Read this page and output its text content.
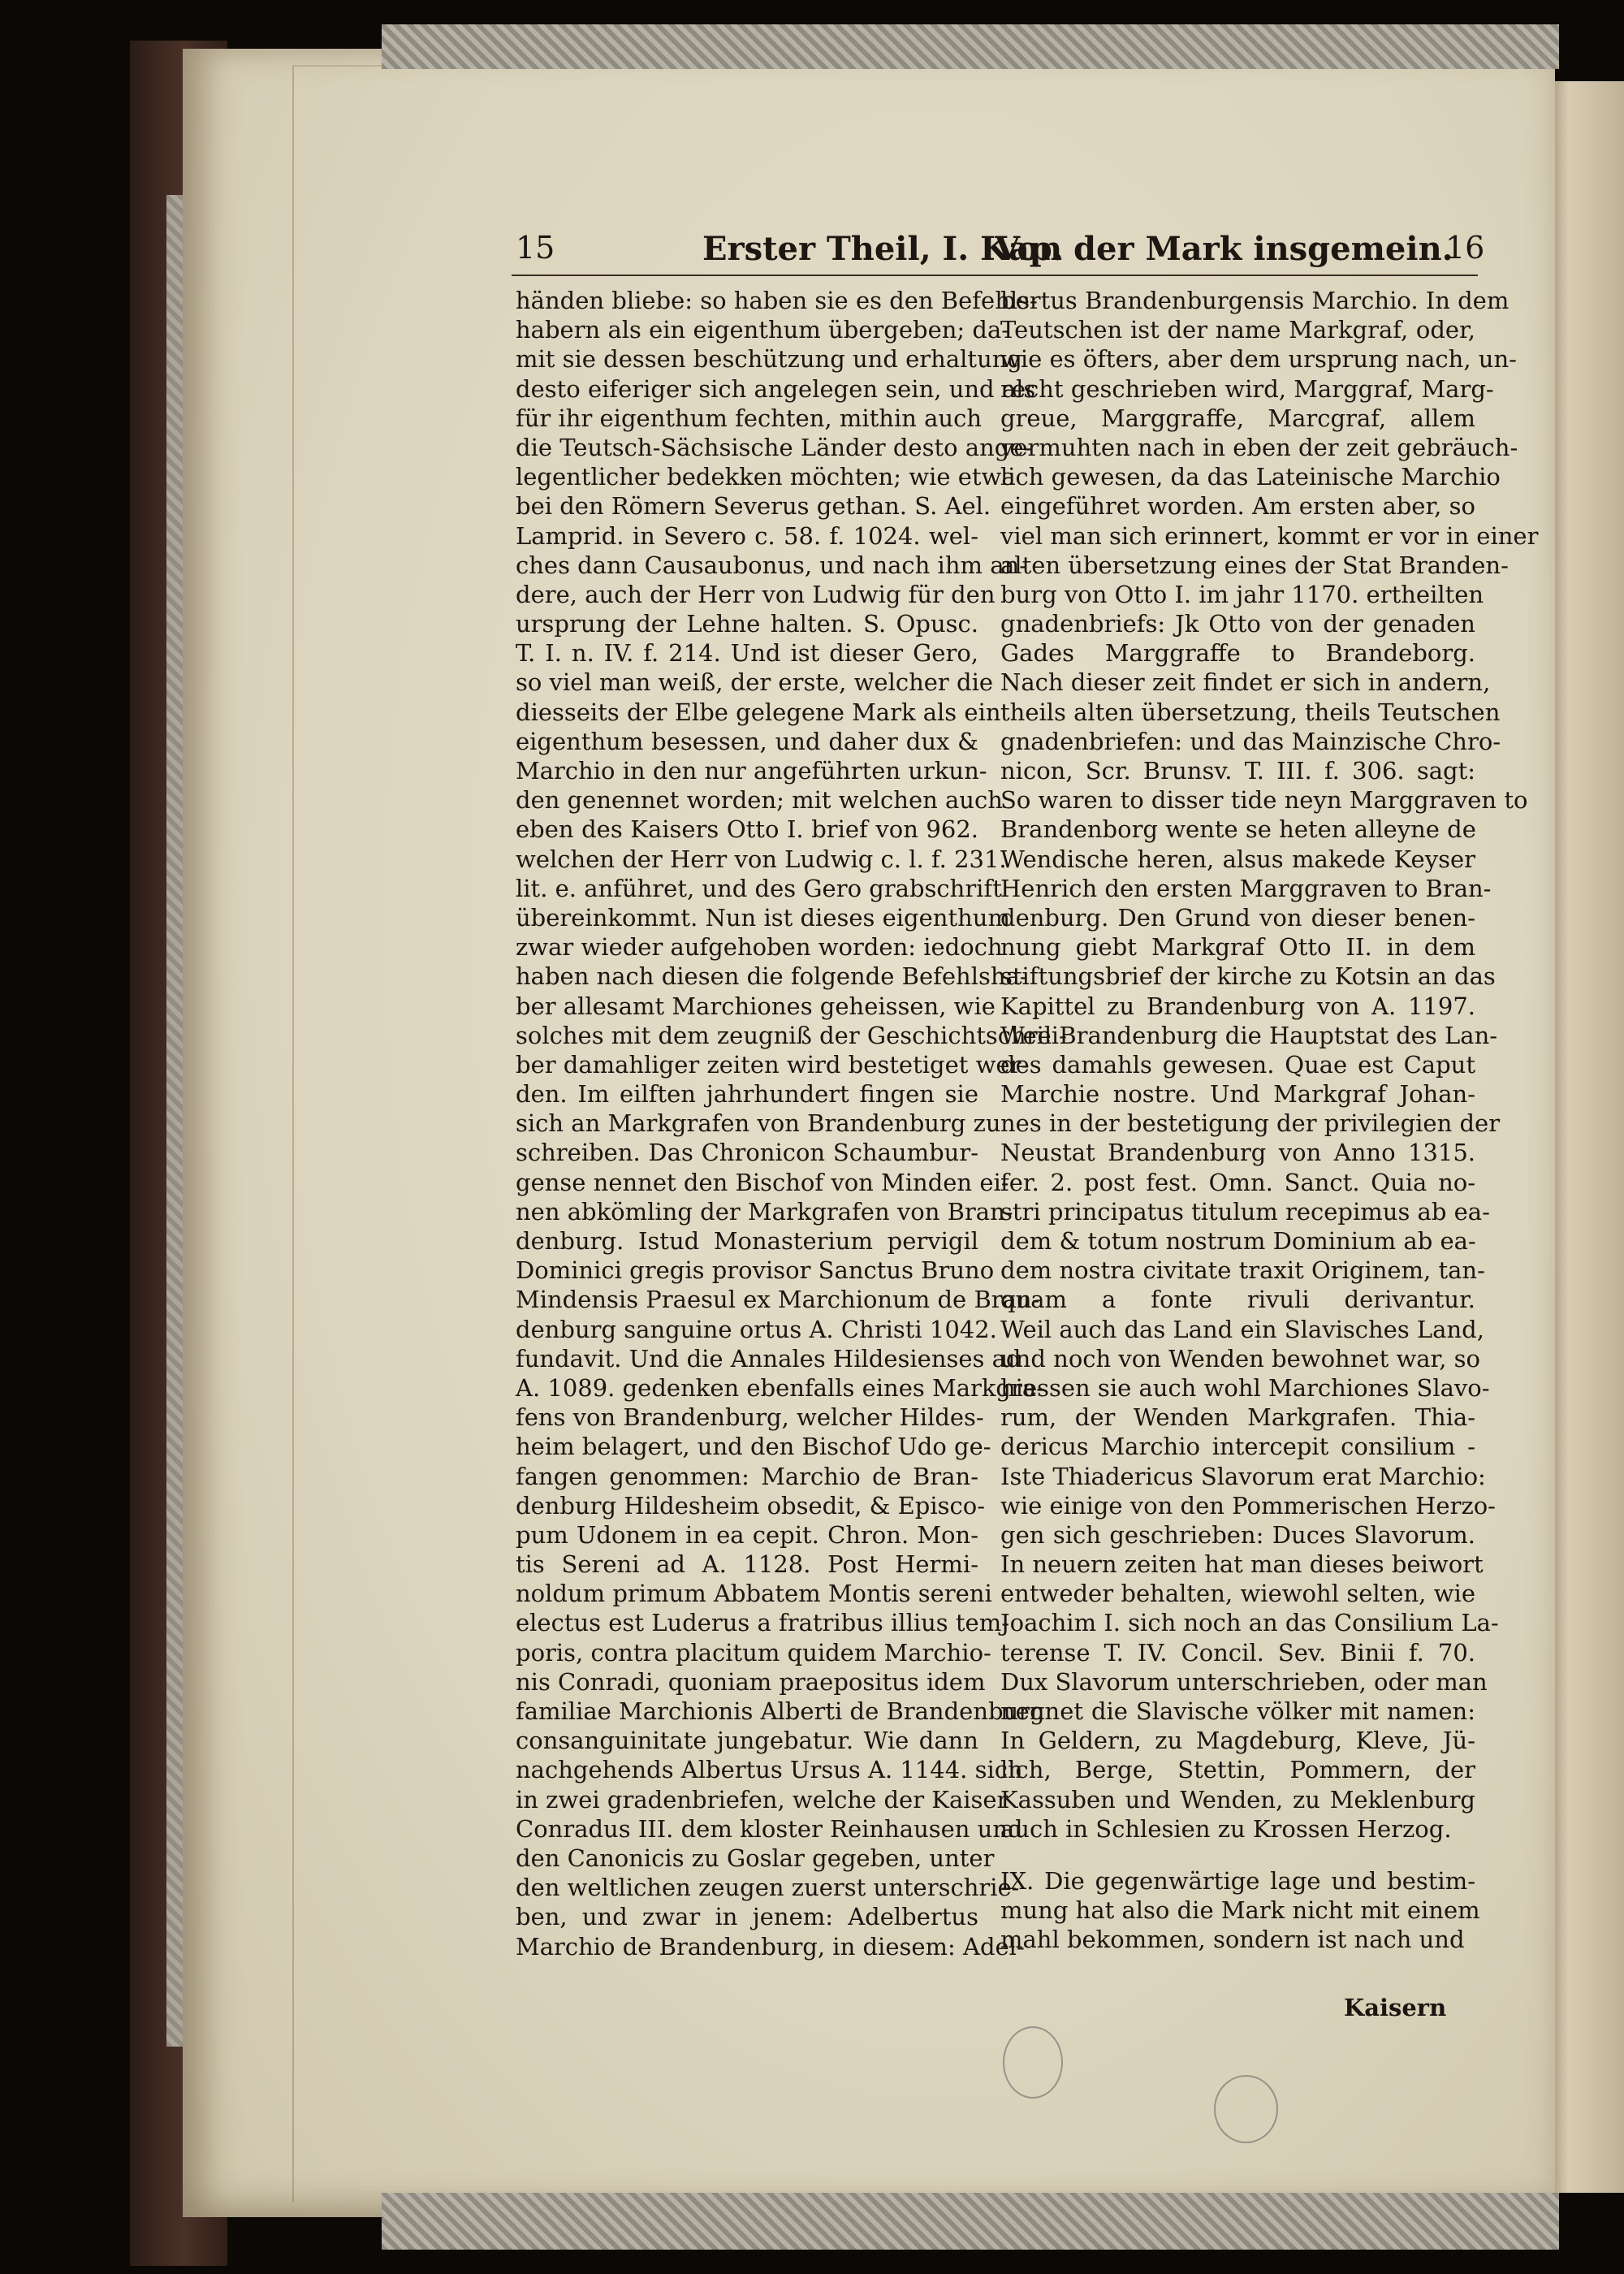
15	Erster Theil, I. Kap.
Von der Mark insgemein.
16
händen bliebe: so haben sie es den Befehls-
habern als ein eigenthum übergeben; da-
mit sie dessen beschützung und erhaltung
desto eiferiger sich angelegen sein, und als
für ihr eigenthum fechten, mithin auch
die Teutsch-Sächsische Länder desto ange-
legentlicher bedekken möchten; wie etwa
bei den Römern Severus gethan. S. Ael.
Lamprid. in Severo c. 58. f. 1024. wel-
ches dann Causaubonus, und nach ihm an-
dere, auch der Herr von Ludwig für den
ursprung der Lehne halten. S. Opusc.
T. I. n. IV. f. 214. Und ist dieser Gero,
so viel man weiß, der erste, welcher die
diesseits der Elbe gelegene Mark als ein
eigenthum besessen, und daher dux &
Marchio in den nur angeführten urkun-
den genennet worden; mit welchen auch
eben des Kaisers Otto I. brief von 962.
welchen der Herr von Ludwig c. l. f. 231.
lit. e. anführet, und des Gero grabschrift
übereinkommt. Nun ist dieses eigenthum
zwar wieder aufgehoben worden: iedoch
haben nach diesen die folgende Befehlsha-
ber allesamt Marchiones geheissen, wie
solches mit dem zeugniß der Geschichtschrei-
ber damahliger zeiten wird bestetiget wer-
den. Im eilften jahrhundert fingen sie
sich an Markgrafen von Brandenburg zu
schreiben. Das Chronicon Schaumbur-
gense nennet den Bischof von Minden ei-
nen abkömling der Markgrafen von Bran-
denburg. Istud Monasterium pervigil
Dominici gregis provisor Sanctus Bruno
Mindensis Praesul ex Marchionum de Bran-
denburg sanguine ortus A. Christi 1042.
fundavit. Und die Annales Hildesienses ad
A. 1089. gedenken ebenfalls eines Markgra-
fens von Brandenburg, welcher Hildes-
heim belagert, und den Bischof Udo ge-
fangen genommen: Marchio de Bran-
denburg Hildesheim obsedit, & Episco-
pum Udonem in ea cepit. Chron. Mon-
tis Sereni ad A. 1128. Post Hermi-
noldum primum Abbatem Montis sereni
electus est Luderus a fratribus illius tem-
poris, contra placitum quidem Marchio-
nis Conradi, quoniam praepositus idem
familiae Marchionis Alberti de Brandenburg
consanguinitate jungebatur. Wie dann
nachgehends Albertus Ursus A. 1144. sich
in zwei gradenbriefen, welche der Kaiser
Conradus III. dem kloster Reinhausen und
den Canonicis zu Goslar gegeben, unter
den weltlichen zeugen zuerst unterschrie-
ben, und zwar in jenem: Adelbertus
Marchio de Brandenburg, in diesem: Adel-
bertus Brandenburgensis Marchio. In dem
Teutschen ist der name Markgraf, oder,
wie es öfters, aber dem ursprung nach, un-
recht geschrieben wird, Marggraf, Marg-
greue, Marggraffe, Marcgraf, allem
vermuhten nach in eben der zeit gebräuch-
lich gewesen, da das Lateinische Marchio
eingeführet worden. Am ersten aber, so
viel man sich erinnert, kommt er vor in einer
alten übersetzung eines der Stat Branden-
burg von Otto I. im jahr 1170. ertheilten
gnadenbriefs: Jk Otto von der genaden
Gades Marggraffe to Brandeborg.
Nach dieser zeit findet er sich in andern,
theils alten übersetzung, theils Teutschen
gnadenbriefen: und das Mainzische Chro-
nicon, Scr. Brunsv. T. III. f. 306. sagt:
So waren to disser tide neyn Marggraven to
Brandenborg wente se heten alleyne de
Wendische heren, alsus makede Keyser
Henrich den ersten Marggraven to Bran-
denburg. Den Grund von dieser benen-
nung giebt Markgraf Otto II. in dem
stiftungsbrief der kirche zu Kotsin an das
Kapittel zu Brandenburg von A. 1197.
Weil Brandenburg die Hauptstat des Lan-
des damahls gewesen. Quae est Caput
Marchie nostre. Und Markgraf Johan-
nes in der bestetigung der privilegien der
Neustat Brandenburg von Anno 1315.
fer. 2. post fest. Omn. Sanct. Quia no-
stri principatus titulum recepimus ab ea-
dem & totum nostrum Dominium ab ea-
dem nostra civitate traxit Originem, tan-
quam a fonte rivuli derivantur.
Weil auch das Land ein Slavisches Land,
und noch von Wenden bewohnet war, so
hiessen sie auch wohl Marchiones Slavo-
rum, der Wenden Markgrafen. Thia-
dericus Marchio intercepit consilium -
Iste Thiadericus Slavorum erat Marchio:
wie einige von den Pommerischen Herzo-
gen sich geschrieben: Duces Slavorum.
In neuern zeiten hat man dieses beiwort
entweder behalten, wiewohl selten, wie
Joachim I. sich noch an das Consilium La-
terense T. IV. Concil. Sev. Binii f. 70.
Dux Slavorum unterschrieben, oder man
nennet die Slavische völker mit namen:
In Geldern, zu Magdeburg, Kleve, Jü-
lich, Berge, Stettin, Pommern, der
Kassuben und Wenden, zu Meklenburg
auch in Schlesien zu Krossen Herzog.
IX. Die gegenwärtige lage und bestim-
mung hat also die Mark nicht mit einem
mahl bekommen, sondern ist nach und
Kaisern
